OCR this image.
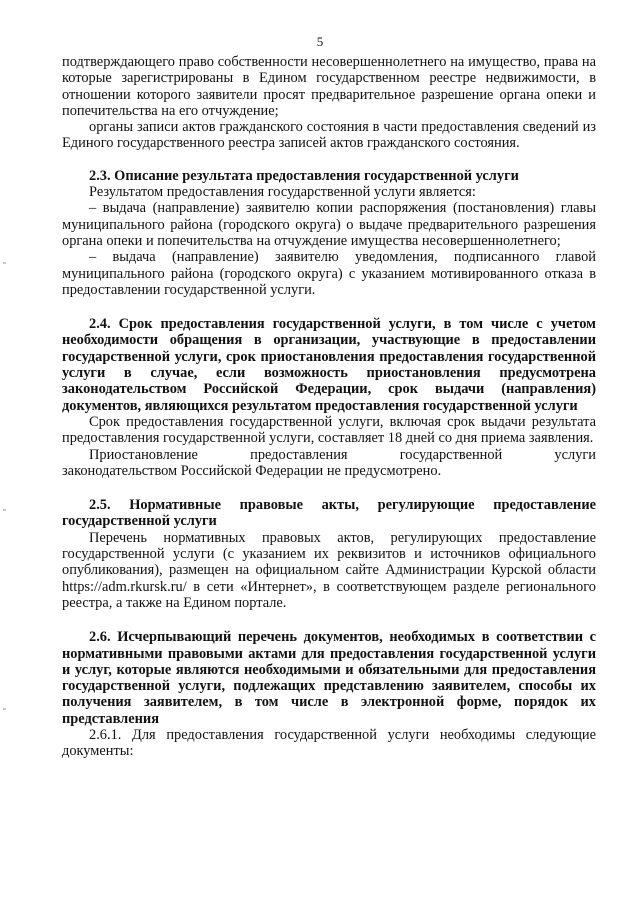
5

подтверждающего право собственности несовершеннолетнего на имущество, права на которые зарегистрированы в Едином государственном реестре недвижимости, в отношении которого заявители просят предварительное разрешение органа опеки и попечительства на его отчуждение;

органы записи актов гражданского состояния в части предоставления сведений из Единого государственного реестра записей актов гражданского состояния.

2.3. Описание результата предоставления государственной услуги

Результатом предоставления государственной услуги является:

– выдача (направление) заявителю копии распоряжения (постановления) главы муниципального района (городского округа) о выдаче предварительного разрешения органа опеки и попечительства на отчуждение имущества несовершеннолетнего;

– выдача (направление) заявителю уведомления, подписанного главой муниципального района (городского округа) с указанием мотивированного отказа в предоставлении государственной услуги.

2.4. Срок предоставления государственной услуги, в том числе с учетом необходимости обращения в организации, участвующие в предоставлении государственной услуги, срок приостановления предоставления государственной услуги в случае, если возможность приостановления предусмотрена законодательством Российской Федерации, срок выдачи (направления) документов, являющихся результатом предоставления государственной услуги

Срок предоставления государственной услуги, включая срок выдачи результата предоставления государственной услуги, составляет 18 дней со дня приема заявления.

Приостановление предоставления государственной услуги

законодательством Российской Федерации не предусмотрено.

2.5. Нормативные правовые акты, регулирующие предоставление государственной услуги

Перечень нормативных правовых актов, регулирующих предоставление государственной услуги (с указанием их реквизитов и источников официального опубликования), размещен на официальном сайте Администрации Курской области https://adm.rkursk.ru/ в сети «Интернет», в соответствующем разделе регионального реестра, а также на Едином портале.

2.6. Исчерпывающий перечень документов, необходимых в соответствии с нормативными правовыми актами для предоставления государственной услуги и услуг, которые являются необходимыми и обязательными для предоставления государственной услуги, подлежащих представлению заявителем, способы их получения заявителем, в том числе в электронной форме, порядок их представления

2.6.1. Для предоставления государственной услуги необходимы следующие документы:
